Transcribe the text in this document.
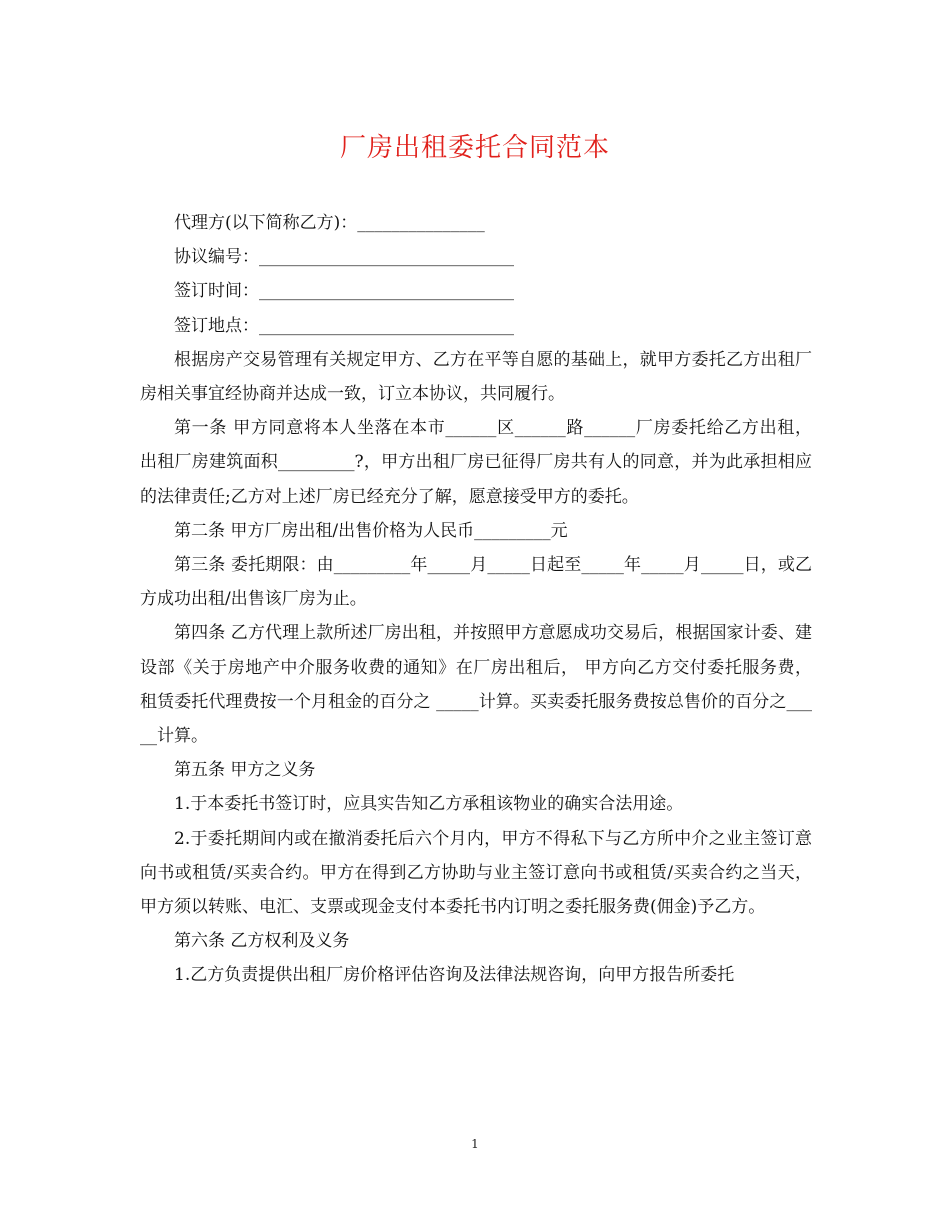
厂房出租委托合同范本

代理方(以下简称乙方)：_______________

协议编号：______________________________

签订时间：______________________________

签订地点：______________________________

根据房产交易管理有关规定甲方、乙方在平等自愿的基础上，就甲方委托乙方出租厂房相关事宜经协商并达成一致，订立本协议，共同履行。

第一条 甲方同意将本人坐落在本市______区______路______厂房委托给乙方出租， 出租厂房建筑面积_________?，甲方出租厂房已征得厂房共有人的同意，并为此承担相应的法律责任;乙方对上述厂房已经充分了解，愿意接受甲方的委托。

第二条 甲方厂房出租/出售价格为人民币_________元

第三条 委托期限：由_________年_____月_____日起至_____年_____月_____日，或乙方成功出租/出售该厂房为止。

第四条 乙方代理上款所述厂房出租，并按照甲方意愿成功交易后，根据国家计委、建设部《关于房地产中介服务收费的通知》在厂房出租后， 甲方向乙方交付委托服务费， 租赁委托代理费按一个月租金的百分之 _____计算。买卖委托服务费按总售价的百分之_____计算。

第五条 甲方之义务

1.于本委托书签订时，应具实告知乙方承租该物业的确实合法用途。

2.于委托期间内或在撤消委托后六个月内，甲方不得私下与乙方所中介之业主签订意向书或租赁/买卖合约。甲方在得到乙方协助与业主签订意向书或租赁/买卖合约之当天，甲方须以转账、电汇、支票或现金支付本委托书内订明之委托服务费(佣金)予乙方。

第六条 乙方权利及义务

1.乙方负责提供出租厂房价格评估咨询及法律法规咨询，向甲方报告所委托

1
